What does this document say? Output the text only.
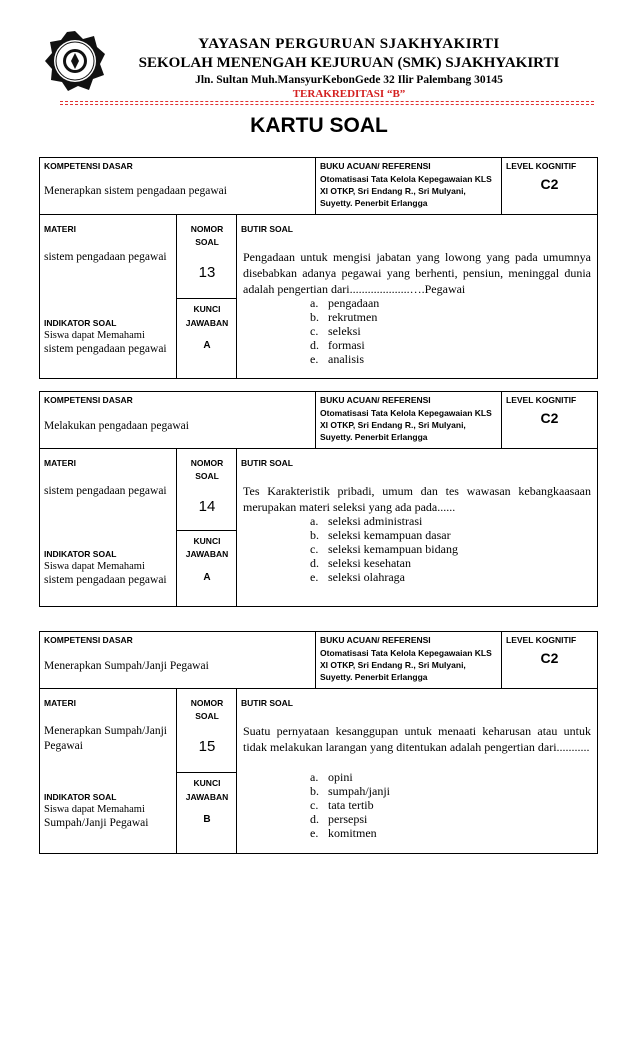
YAYASAN PERGURUAN SJAKHYAKIRTI
SEKOLAH MENENGAH KEJURUAN (SMK) SJAKHYAKIRTI
Jln. Sultan Muh.MansyurKebonGede 32 Ilir Palembang 30145
TERAKREDITASI “B”
KARTU SOAL
KOMPETENSI DASAR
Menerapkan sistem pengadaan pegawai
BUKU ACUAN/ REFERENSI
Otomatisasi Tata Kelola Kepegawaian KLS XI OTKP, Sri Endang R., Sri Mulyani, Suyetty. Penerbit Erlangga
LEVEL KOGNITIF
C2
MATERI
sistem pengadaan pegawai
INDIKATOR SOAL
Siswa dapat Memahami
sistem pengadaan pegawai
NOMOR
SOAL
13
KUNCI
JAWABAN
A
BUTIR SOAL
Pengadaan untuk mengisi jabatan yang lowong yang pada umumnya disebabkan adanya pegawai yang berhenti, pensiun, meninggal dunia adalah pengertian dari....................….Pegawai
a. pengadaan
b. rekrutmen
c. seleksi
d. formasi
e. analisis
KOMPETENSI DASAR
Melakukan pengadaan pegawai
BUKU ACUAN/ REFERENSI
Otomatisasi Tata Kelola Kepegawaian KLS XI OTKP, Sri Endang R., Sri Mulyani, Suyetty. Penerbit Erlangga
LEVEL KOGNITIF
C2
MATERI
sistem pengadaan pegawai
INDIKATOR SOAL
Siswa dapat Memahami
sistem pengadaan pegawai
NOMOR
SOAL
14
KUNCI
JAWABAN
A
BUTIR SOAL
Tes Karakteristik pribadi, umum dan tes wawasan kebangkaasaan merupakan materi seleksi yang ada pada......
a. seleksi administrasi
b. seleksi kemampuan dasar
c. seleksi kemampuan bidang
d. seleksi kesehatan
e. seleksi olahraga
KOMPETENSI DASAR
Menerapkan Sumpah/Janji Pegawai
BUKU ACUAN/ REFERENSI
Otomatisasi Tata Kelola Kepegawaian KLS XI OTKP, Sri Endang R., Sri Mulyani, Suyetty. Penerbit Erlangga
LEVEL KOGNITIF
C2
MATERI
Menerapkan Sumpah/Janji Pegawai
INDIKATOR SOAL
Siswa dapat Memahami
Sumpah/Janji Pegawai
NOMOR
SOAL
15
KUNCI
JAWABAN
B
BUTIR SOAL
Suatu pernyataan kesanggupan untuk menaati keharusan atau untuk tidak melakukan larangan yang ditentukan adalah pengertian dari...........
a. opini
b. sumpah/janji
c. tata tertib
d. persepsi
e. komitmen
